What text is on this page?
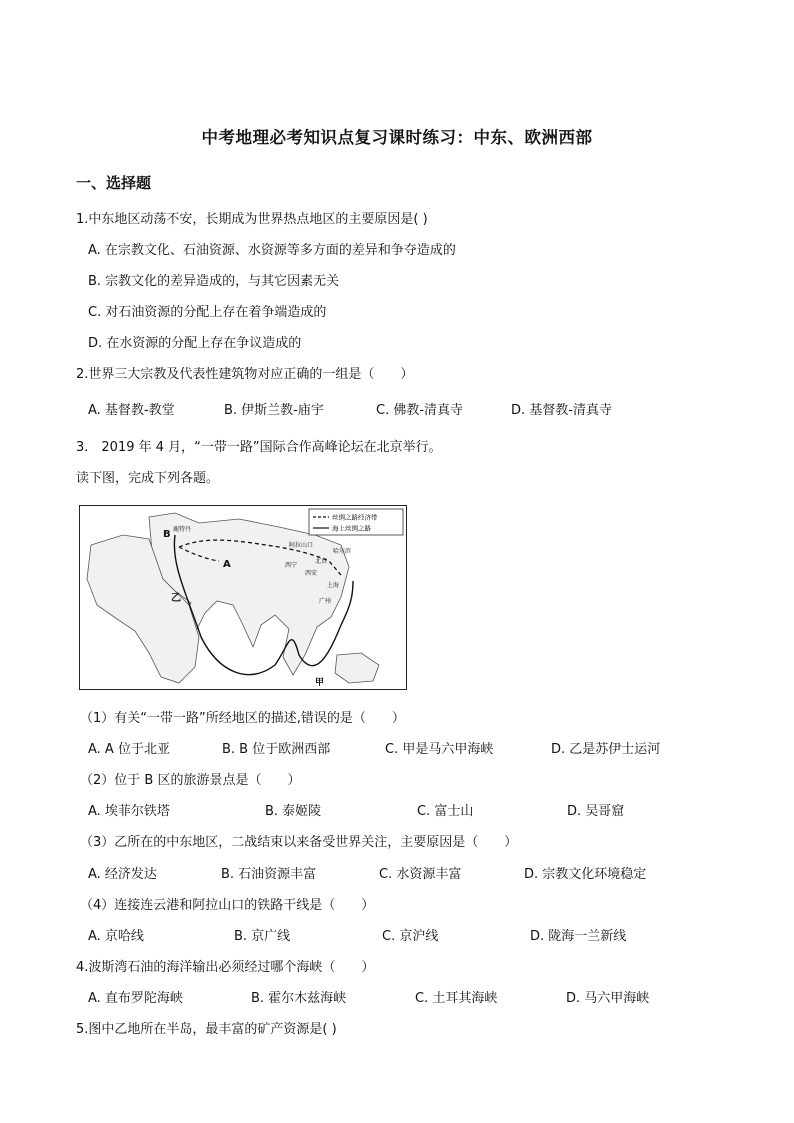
中考地理必考知识点复习课时练习：中东、欧洲西部
一、选择题
1.中东地区动荡不安，长期成为世界热点地区的主要原因是( )
A. 在宗教文化、石油资源、水资源等多方面的差异和争夺造成的
B. 宗教文化的差异造成的，与其它因素无关
C. 对石油资源的分配上存在着争端造成的
D. 在水资源的分配上存在争议造成的
2.世界三大宗教及代表性建筑物对应正确的一组是（　　）
A. 基督教-教堂	B. 伊斯兰教-庙宇	C. 佛教-清真寺	D. 基督教-清真寺
3.　2019 年 4 月，“一带一路”国际合作高峰论坛在北京举行。
读下图，完成下列各题。
丝绸之路经济带
海上丝绸之路
B 鹿特丹
A
乙
甲
阿拉山口
北京
哈尔滨
西宁
西安
上海
广州
（1）有关“一带一路”所经地区的描述,错误的是（　　）
A. A 位于北亚	B. B 位于欧洲西部	C. 甲是马六甲海峡	D. 乙是苏伊士运河
（2）位于 B 区的旅游景点是（　　）
A. 埃菲尔铁塔	B. 泰姬陵	C. 富士山	D. 吴哥窟
（3）乙所在的中东地区，二战结束以来备受世界关注，主要原因是（　　）
A. 经济发达	B. 石油资源丰富	C. 水资源丰富	D. 宗教文化环境稳定
（4）连接连云港和阿拉山口的铁路干线是（　　）
A. 京哈线	B. 京广线	C. 京沪线	D. 陇海一兰新线
4.波斯湾石油的海洋输出必须经过哪个海峡（　　）
A. 直布罗陀海峡	B. 霍尔木兹海峡	C. 土耳其海峡	D. 马六甲海峡
5.图中乙地所在半岛，最丰富的矿产资源是( )
